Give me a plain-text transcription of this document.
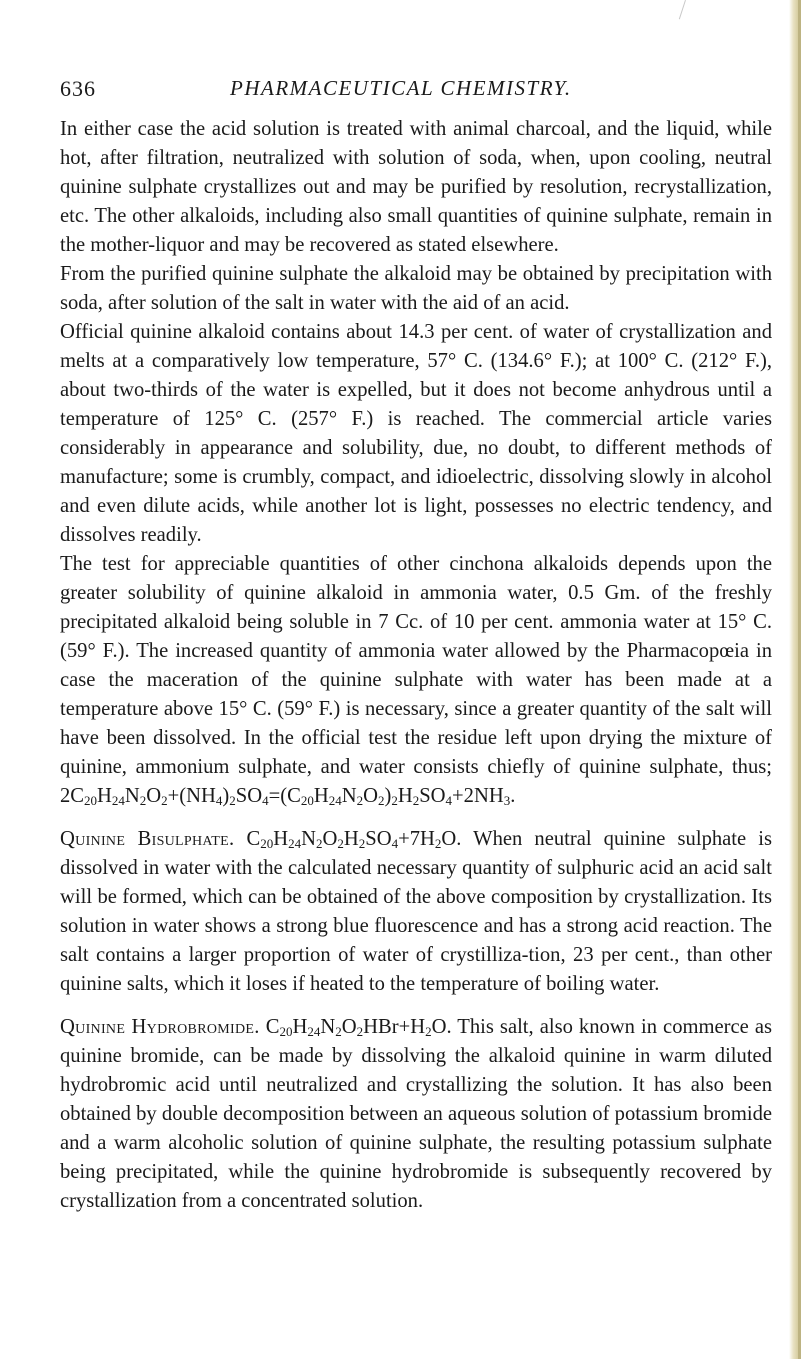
636	PHARMACEUTICAL CHEMISTRY.

In either case the acid solution is treated with animal charcoal, and the liquid, while hot, after filtration, neutralized with solution of soda, when, upon cooling, neutral quinine sulphate crystallizes out and may be purified by resolution, recrystallization, etc. The other alkaloids, including also small quantities of quinine sulphate, remain in the mother-liquor and may be recovered as stated elsewhere.

From the purified quinine sulphate the alkaloid may be obtained by precipitation with soda, after solution of the salt in water with the aid of an acid.

Official quinine alkaloid contains about 14.3 per cent. of water of crystallization and melts at a comparatively low temperature, 57° C. (134.6° F.); at 100° C. (212° F.), about two-thirds of the water is expelled, but it does not become anhydrous until a temperature of 125° C. (257° F.) is reached. The commercial article varies considerably in appearance and solubility, due, no doubt, to different methods of manufacture; some is crumbly, compact, and idioelectric, dissolving slowly in alcohol and even dilute acids, while another lot is light, possesses no electric tendency, and dissolves readily.

The test for appreciable quantities of other cinchona alkaloids depends upon the greater solubility of quinine alkaloid in ammonia water, 0.5 Gm. of the freshly precipitated alkaloid being soluble in 7 Cc. of 10 per cent. ammonia water at 15° C. (59° F.). The increased quantity of ammonia water allowed by the Pharmacopœia in case the maceration of the quinine sulphate with water has been made at a temperature above 15° C. (59° F.) is necessary, since a greater quantity of the salt will have been dissolved. In the official test the residue left upon drying the mixture of quinine, ammonium sulphate, and water consists chiefly of quinine sulphate, thus; $2C_{20}H_{24}N_2O_2+(NH_4)_2SO_4=(C_{20}H_{24}N_2O_2)_2H_2SO_4+2NH_3$.

Quinine Bisulphate. $C_{20}H_{24}N_2O_2H_2SO_4+7H_2O$. When neutral quinine sulphate is dissolved in water with the calculated necessary quantity of sulphuric acid an acid salt will be formed, which can be obtained of the above composition by crystallization. Its solution in water shows a strong blue fluorescence and has a strong acid reaction. The salt contains a larger proportion of water of crystilliza-tion, 23 per cent., than other quinine salts, which it loses if heated to the temperature of boiling water.

Quinine Hydrobromide. $C_{20}H_{24}N_2O_2HBr+H_2O$. This salt, also known in commerce as quinine bromide, can be made by dissolving the alkaloid quinine in warm diluted hydrobromic acid until neutralized and crystallizing the solution. It has also been obtained by double decomposition between an aqueous solution of potassium bromide and a warm alcoholic solution of quinine sulphate, the resulting potassium sulphate being precipitated, while the quinine hydrobromide is subsequently recovered by crystallization from a concentrated solution.
